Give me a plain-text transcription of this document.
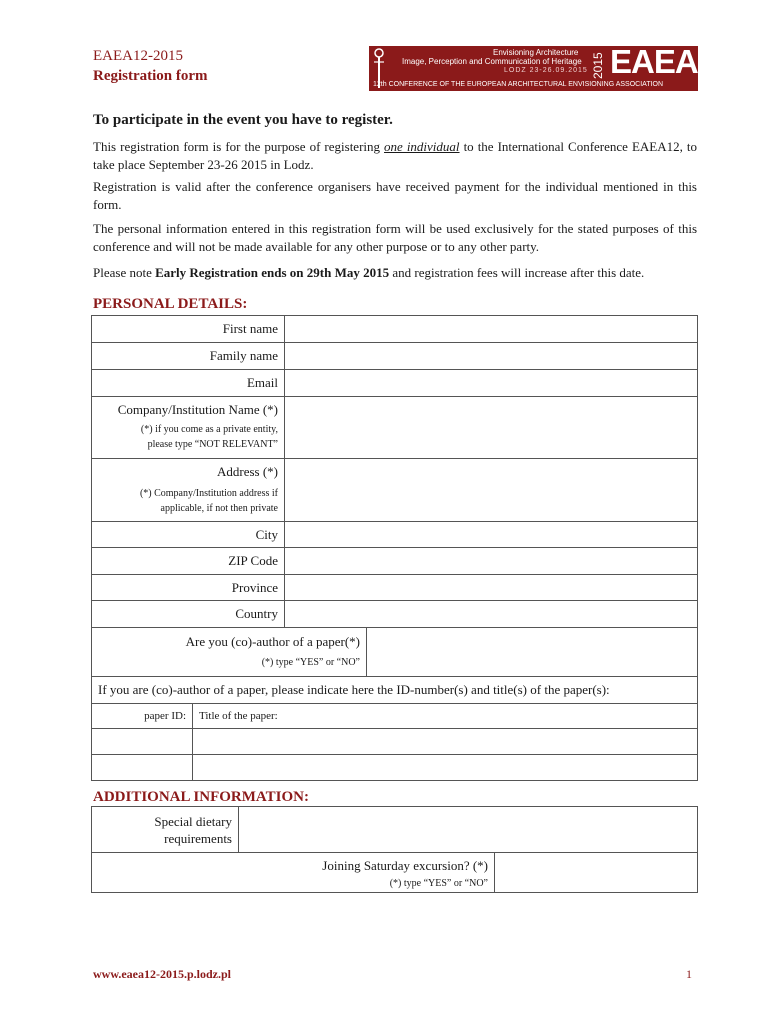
EAEA12-2015
Registration form
Envisioning Architecture
Image, Perception and Communication of Heritage
LODZ 23-26.09.2015
12th CONFERENCE OF THE EUROPEAN ARCHITECTURAL ENVISIONING ASSOCIATION
2015 EAEA12
To participate in the event you have to register.
This registration form is for the purpose of registering one individual to the International Conference EAEA12, to take place September 23-26 2015 in Lodz.
Registration is valid after the conference organisers have received payment for the individual mentioned in this form.
The personal information entered in this registration form will be used exclusively for the stated purposes of this conference and will not be made available for any other purpose or to any other party.
Please note Early Registration ends on 29th May 2015 and registration fees will increase after this date.
PERSONAL DETAILS:
First name	
Family name	
Email	

Company/Institution Name (*)
(*) if you come as a private entity,
please type “NOT RELEVANT”	

Address (*)
(*) Company/Institution address if
applicable, if not then private	

City	
ZIP Code	
Province	
Country	
Are you (co)-author of a paper(*)
(*) type “YES” or “NO”

If you are (co)-author of a paper, please indicate here the ID-number(s) and title(s) of the paper(s):	
paper ID:	Title of the paper:

ADDITIONAL INFORMATION:
Special dietary
requirements

Joining Saturday excursion? (*)
(*) type “YES” or “NO”

www.eaea12-2015.p.lodz.pl	1
